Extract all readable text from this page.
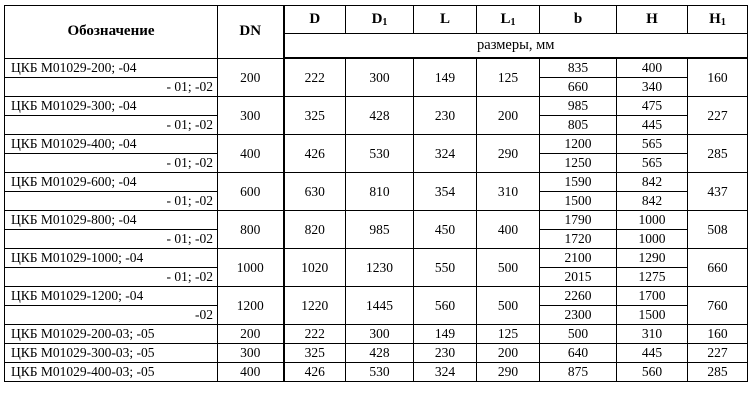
Обозначение	DN	D	$D_1$	L	$L_1$	b	H	$H_1$
		размеры, мм						
ЦКБ М01029-200; -04	200	222	300	149	125	835	400	160
- 01; -02						660	340	
ЦКБ М01029-300; -04	300	325	428	230	200	985	475	227
- 01; -02						805	445	
ЦКБ М01029-400; -04	400	426	530	324	290	1200	565	285
- 01; -02						1250	565	
ЦКБ М01029-600; -04	600	630	810	354	310	1590	842	437
- 01; -02						1500	842	
ЦКБ М01029-800; -04	800	820	985	450	400	1790	1000	508
- 01; -02						1720	1000	
ЦКБ М01029-1000; -04	1000	1020	1230	550	500	2100	1290	660
- 01; -02						2015	1275	
ЦКБ М01029-1200; -04	1200	1220	1445	560	500	2260	1700	760
-02						2300	1500	
ЦКБ М01029-200-03; -05	200	222	300	149	125	500	310	160
ЦКБ М01029-300-03; -05	300	325	428	230	200	640	445	227
ЦКБ М01029-400-03; -05	400	426	530	324	290	875	560	285
